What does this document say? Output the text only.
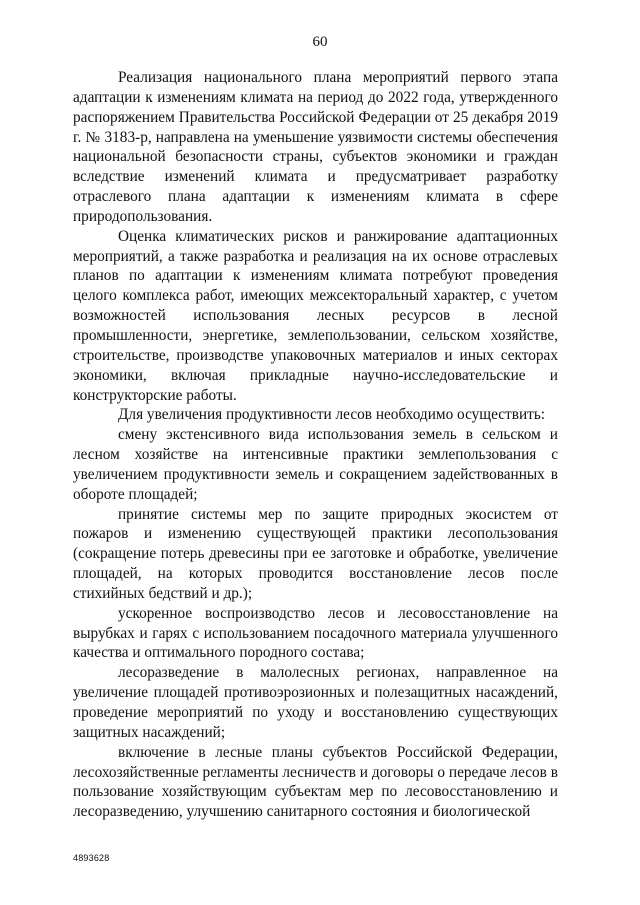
60

Реализация национального плана мероприятий первого этапа адаптации к изменениям климата на период до 2022 года, утвержденного распоряжением Правительства Российской Федерации от 25 декабря 2019 г. № 3183-р, направлена на уменьшение уязвимости системы обеспечения национальной безопасности страны, субъектов экономики и граждан вследствие изменений климата и предусматривает разработку отраслевого плана адаптации к изменениям климата в сфере природопользования.

Оценка климатических рисков и ранжирование адаптационных мероприятий, а также разработка и реализация на их основе отраслевых планов по адаптации к изменениям климата потребуют проведения целого комплекса работ, имеющих межсекторальный характер, с учетом возможностей использования лесных ресурсов в лесной промышленности, энергетике, землепользовании, сельском хозяйстве, строительстве, производстве упаковочных материалов и иных секторах экономики, включая прикладные научно-исследовательские и конструкторские работы.

Для увеличения продуктивности лесов необходимо осуществить:

смену экстенсивного вида использования земель в сельском и лесном хозяйстве на интенсивные практики землепользования с увеличением продуктивности земель и сокращением задействованных в обороте площадей;

принятие системы мер по защите природных экосистем от пожаров и изменению существующей практики лесопользования (сокращение потерь древесины при ее заготовке и обработке, увеличение площадей, на которых проводится восстановление лесов после стихийных бедствий и др.);

ускоренное воспроизводство лесов и лесовосстановление на вырубках и гарях с использованием посадочного материала улучшенного качества и оптимального породного состава;

лесоразведение в малолесных регионах, направленное на увеличение площадей противоэрозионных и полезащитных насаждений, проведение мероприятий по уходу и восстановлению существующих защитных насаждений;

включение в лесные планы субъектов Российской Федерации, лесохозяйственные регламенты лесничеств и договоры о передаче лесов в пользование хозяйствующим субъектам мер по лесовосстановлению и лесоразведению, улучшению санитарного состояния и биологической

4893628
